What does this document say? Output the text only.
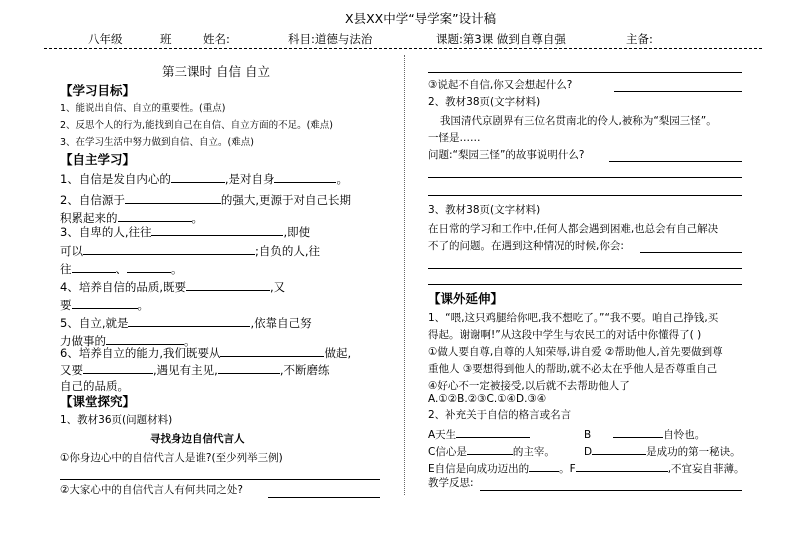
X县XX中学“导学案”设计稿
八年级	班	姓名:	科目:道德与法治	课题:第3课 做到自尊自强	主备:
第三课时 自信 自立
【学习目标】
1、能说出自信、自立的重要性。(重点)
2、反思个人的行为,能找到自己在自信、自立方面的不足。(难点)
3、在学习生活中努力做到自信、自立。(难点)
【自主学习】
1、自信是发自内心的	,是对自身	。
2、自信源于	的强大,更源于对自己长期
积累起来的	。
3、自卑的人,往往	,即使
可以	;自负的人,往
往	、	。
4、培养自信的品质,既要	,又
要	。
5、自立,就是	,依靠自己努
力做事的	。
6、培养自立的能力,我们既要从	做起,
又要	,遇见有主见,	,不断磨练
自己的品质。
【课堂探究】
1、教材36页(问题材料)
寻找身边自信代言人
①你身边心中的自信代言人是谁?(至少列举三例)
②大家心中的自信代言人有何共同之处?
③说起不自信,你又会想起什么?
2、教材38页(文字材料)
我国清代京剧界有三位名贯南北的伶人,被称为“梨园三怪”。
一怪是……
问题:“梨园三怪”的故事说明什么?
3、教材38页(文字材料)
在日常的学习和工作中,任何人都会遇到困难,也总会有自己解决
不了的问题。在遇到这种情况的时候,你会:
【课外延伸】
1、“喂,这只鸡腿给你吧,我不想吃了。”“我不要。咱自己挣钱,买
得起。谢谢啊!”从这段中学生与农民工的对话中你懂得了( )
①做人要自尊,自尊的人知荣辱,讲自爱 ②帮助他人,首先要做到尊
重他人 ③要想得到他人的帮助,就不必太在乎他人是否尊重自己
④好心不一定被接受,以后就不去帮助他人了
A.①②B.②③C.①④D.③④
2、补充关于自信的格言或名言
A天生	B	自怜也。
C信心是	的主宰。	D	是成功的第一秘诀。
E自信是向成功迈出的	。F	,不宜妄自菲薄。
教学反思:
